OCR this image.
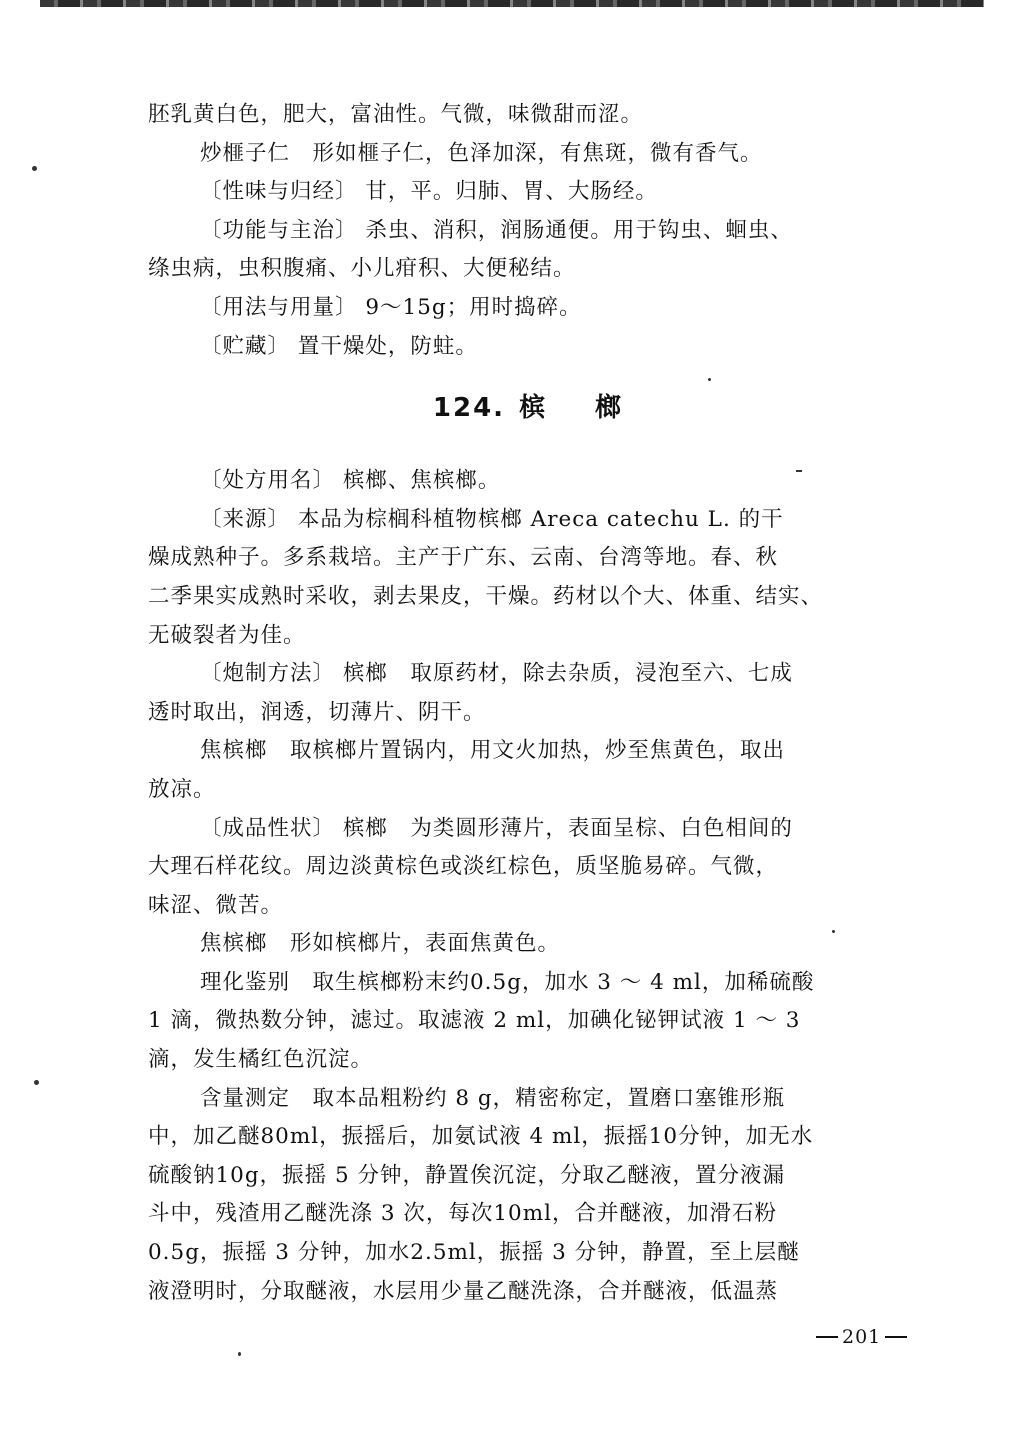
胚乳黄白色，肥大，富油性。气微，味微甜而涩。
炒榧子仁　形如榧子仁，色泽加深，有焦斑，微有香气。
〔性味与归经〕 甘，平。归肺、胃、大肠经。
〔功能与主治〕 杀虫、消积，润肠通便。用于钩虫、蛔虫、
绦虫病，虫积腹痛、小儿疳积、大便秘结。
〔用法与用量〕 9～15g；用时捣碎。
〔贮藏〕 置干燥处，防蛀。
124. 槟 榔
〔处方用名〕 槟榔、焦槟榔。
〔来源〕 本品为棕榈科植物槟榔 Areca catechu L. 的干
燥成熟种子。多系栽培。主产于广东、云南、台湾等地。春、秋
二季果实成熟时采收，剥去果皮，干燥。药材以个大、体重、结实、
无破裂者为佳。
〔炮制方法〕 槟榔　取原药材，除去杂质，浸泡至六、七成
透时取出，润透，切薄片、阴干。
焦槟榔　取槟榔片置锅内，用文火加热，炒至焦黄色，取出
放凉。
〔成品性状〕 槟榔　为类圆形薄片，表面呈棕、白色相间的
大理石样花纹。周边淡黄棕色或淡红棕色，质坚脆易碎。气微，
味涩、微苦。
焦槟榔　形如槟榔片，表面焦黄色。
理化鉴别　取生槟榔粉末约0.5g，加水 3 ～ 4 ml，加稀硫酸
1 滴，微热数分钟，滤过。取滤液 2 ml，加碘化铋钾试液 1 ～ 3
滴，发生橘红色沉淀。
含量测定　取本品粗粉约 8 g，精密称定，置磨口塞锥形瓶
中，加乙醚80ml，振摇后，加氨试液 4 ml，振摇10分钟，加无水
硫酸钠10g，振摇 5 分钟，静置俟沉淀，分取乙醚液，置分液漏
斗中，残渣用乙醚洗涤 3 次，每次10ml，合并醚液，加滑石粉
0.5g，振摇 3 分钟，加水2.5ml，振摇 3 分钟，静置，至上层醚
液澄明时，分取醚液，水层用少量乙醚洗涤，合并醚液，低温蒸
201
